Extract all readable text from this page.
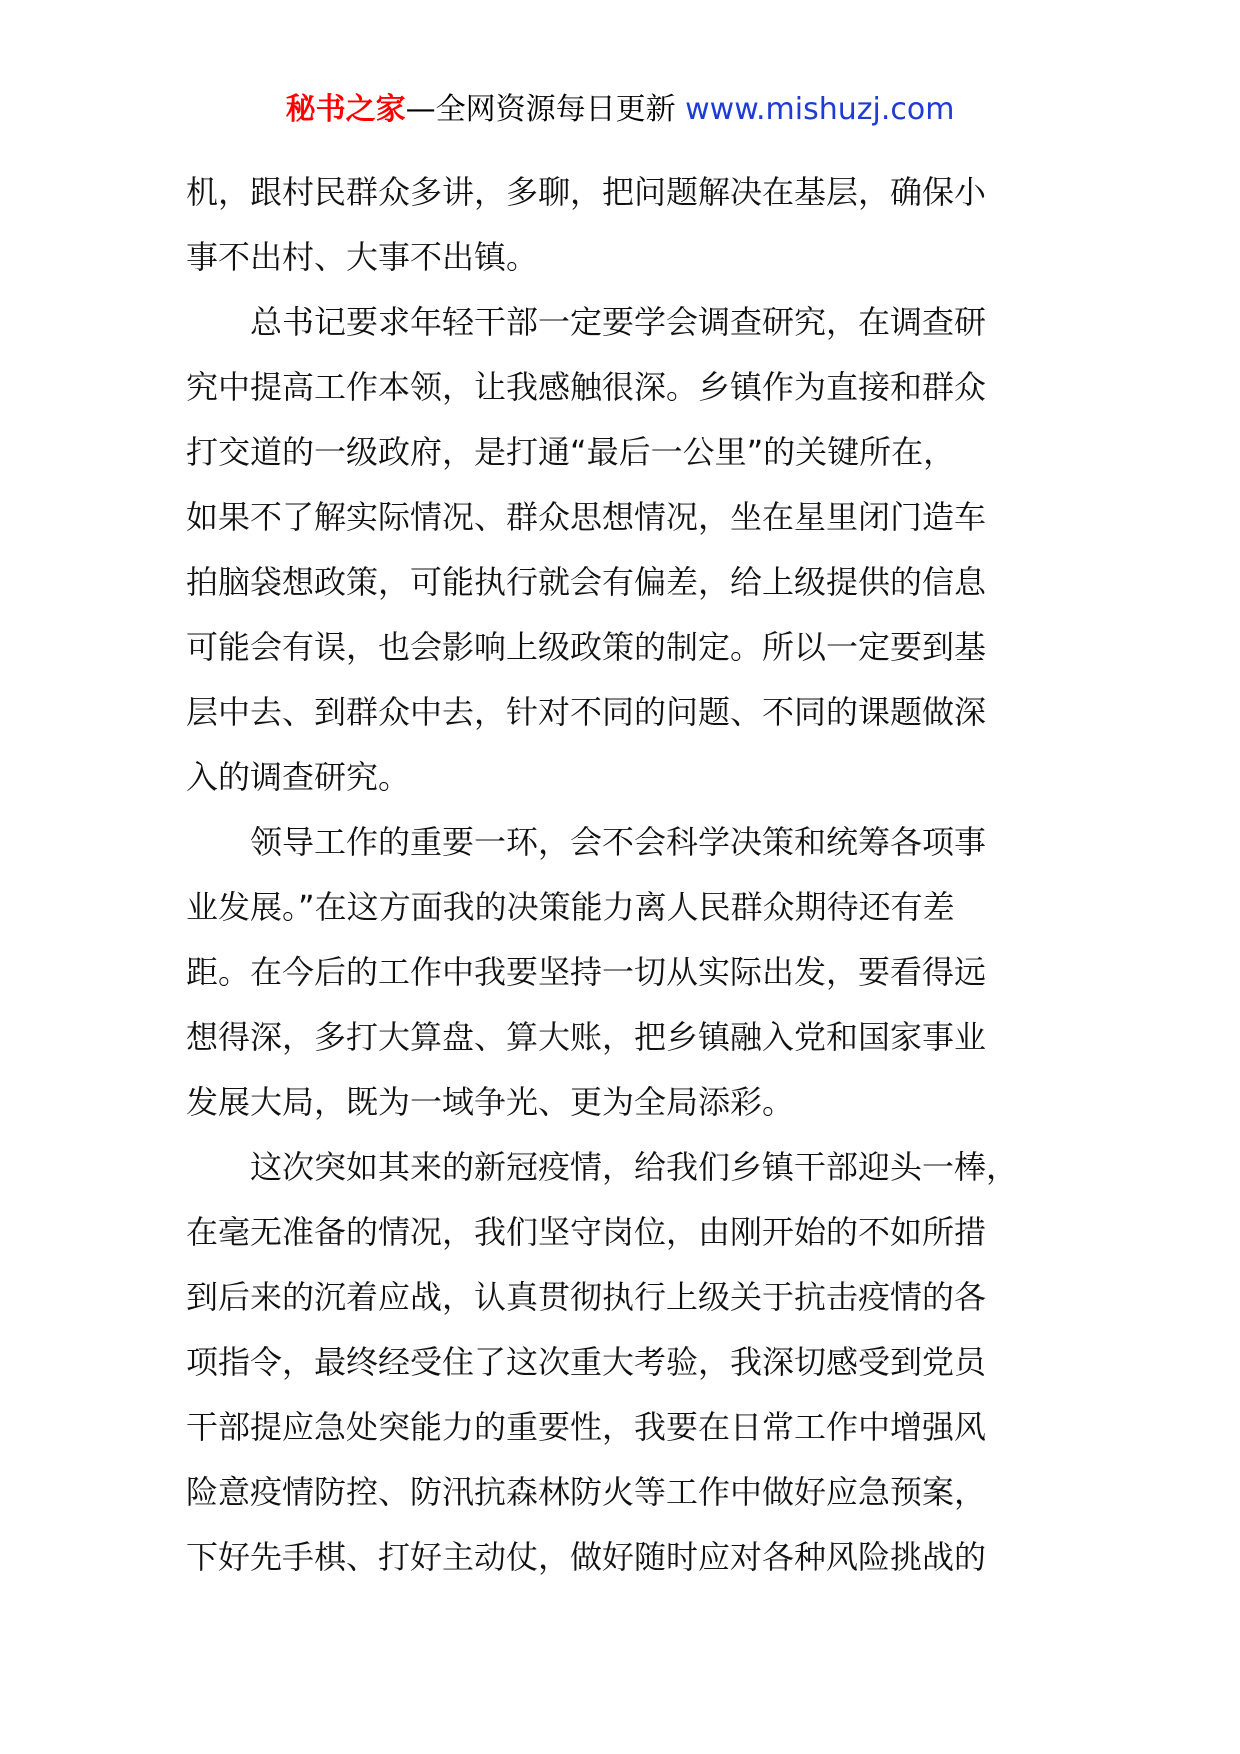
秘书之家—全网资源每日更新 www.mishuzj.com
机，跟村民群众多讲，多聊，把问题解决在基层，确保小
事不出村、大事不出镇。
　　总书记要求年轻干部一定要学会调查研究，在调查研
究中提高工作本领，让我感触很深。乡镇作为直接和群众
打交道的一级政府，是打通“最后一公里”的关键所在，
如果不了解实际情况、群众思想情况，坐在星里闭门造车
拍脑袋想政策，可能执行就会有偏差，给上级提供的信息
可能会有误，也会影响上级政策的制定。所以一定要到基
层中去、到群众中去，针对不同的问题、不同的课题做深
入的调查研究。
　　领导工作的重要一环，会不会科学决策和统筹各项事
业发展。”在这方面我的决策能力离人民群众期待还有差
距。在今后的工作中我要坚持一切从实际出发，要看得远
想得深，多打大算盘、算大账，把乡镇融入党和国家事业
发展大局，既为一域争光、更为全局添彩。
　　这次突如其来的新冠疫情，给我们乡镇干部迎头一棒，
在毫无准备的情况，我们坚守岗位，由刚开始的不如所措
到后来的沉着应战，认真贯彻执行上级关于抗击疫情的各
项指令，最终经受住了这次重大考验，我深切感受到党员
干部提应急处突能力的重要性，我要在日常工作中增强风
险意疫情防控、防汛抗森林防火等工作中做好应急预案，
下好先手棋、打好主动仗，做好随时应对各种风险挑战的
